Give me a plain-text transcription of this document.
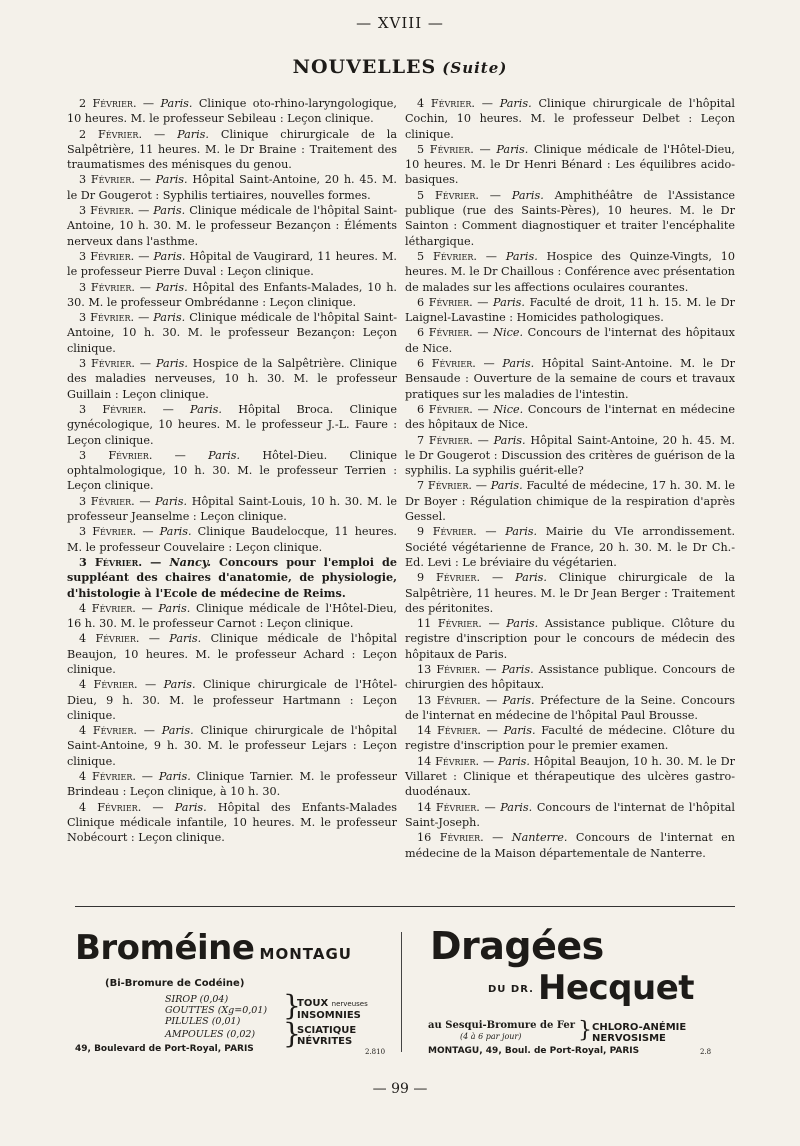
— XVIII —
NOUVELLES (Suite)

2 Février. — Paris. Clinique oto-rhino-laryngologique, 10 heures. M. le professeur Sebileau : Leçon clinique.

2 Février. — Paris. Clinique chirurgicale de la Salpêtrière, 11 heures. M. le Dr Braine : Traitement des traumatismes des ménisques du genou.

3 Février. — Paris. Hôpital Saint-Antoine, 20 h. 45. M. le Dr Gougerot : Syphilis tertiaires, nouvelles formes.

3 Février. — Paris. Clinique médicale de l'hôpital Saint-Antoine, 10 h. 30. M. le professeur Bezançon : Éléments nerveux dans l'asthme.

3 Février. — Paris. Hôpital de Vaugirard, 11 heures. M. le professeur Pierre Duval : Leçon clinique.

3 Février. — Paris. Hôpital des Enfants-Malades, 10 h. 30. M. le professeur Ombrédanne : Leçon clinique.

3 Février. — Paris. Clinique médicale de l'hôpital Saint-Antoine, 10 h. 30. M. le professeur Bezançon: Leçon clinique.

3 Février. — Paris. Hospice de la Salpêtrière. Clinique des maladies nerveuses, 10 h. 30. M. le professeur Guillain : Leçon clinique.

3 Février. — Paris. Hôpital Broca. Clinique gynécologique, 10 heures. M. le professeur J.-L. Faure : Leçon clinique.

3 Février. — Paris. Hôtel-Dieu. Clinique ophtalmologique, 10 h. 30. M. le professeur Terrien : Leçon clinique.

3 Février. — Paris. Hôpital Saint-Louis, 10 h. 30. M. le professeur Jeanselme : Leçon clinique.

3 Février. — Paris. Clinique Baudelocque, 11 heures. M. le professeur Couvelaire : Leçon clinique.

3 Février. — Nancy. Concours pour l'emploi de suppléant des chaires d'anatomie, de physiologie, d'histologie à l'Ecole de médecine de Reims.

4 Février. — Paris. Clinique médicale de l'Hôtel-Dieu, 16 h. 30. M. le professeur Carnot : Leçon clinique.

4 Février. — Paris. Clinique médicale de l'hôpital Beaujon, 10 heures. M. le professeur Achard : Leçon clinique.

4 Février. — Paris. Clinique chirurgicale de l'Hôtel-Dieu, 9 h. 30. M. le professeur Hartmann : Leçon clinique.

4 Février. — Paris. Clinique chirurgicale de l'hôpital Saint-Antoine, 9 h. 30. M. le professeur Lejars : Leçon clinique.

4 Février. — Paris. Clinique Tarnier. M. le professeur Brindeau : Leçon clinique, à 10 h. 30.

4 Février. — Paris. Hôpital des Enfants-Malades Clinique médicale infantile, 10 heures. M. le professeur Nobécourt : Leçon clinique.

4 Février. — Paris. Clinique chirurgicale de l'hôpital Cochin, 10 heures. M. le professeur Delbet : Leçon clinique.

5 Février. — Paris. Clinique médicale de l'Hôtel-Dieu, 10 heures. M. le Dr Henri Bénard : Les équilibres acido-basiques.

5 Février. — Paris. Amphithéâtre de l'Assistance publique (rue des Saints-Pères), 10 heures. M. le Dr Sainton : Comment diagnostiquer et traiter l'encéphalite léthargique.

5 Février. — Paris. Hospice des Quinze-Vingts, 10 heures. M. le Dr Chaillous : Conférence avec présentation de malades sur les affections oculaires courantes.

6 Février. — Paris. Faculté de droit, 11 h. 15. M. le Dr Laignel-Lavastine : Homicides pathologiques.

6 Février. — Nice. Concours de l'internat des hôpitaux de Nice.

6 Février. — Paris. Hôpital Saint-Antoine. M. le Dr Bensaude : Ouverture de la semaine de cours et travaux pratiques sur les maladies de l'intestin.

6 Février. — Nice. Concours de l'internat en médecine des hôpitaux de Nice.

7 Février. — Paris. Hôpital Saint-Antoine, 20 h. 45. M. le Dr Gougerot : Discussion des critères de guérison de la syphilis. La syphilis guérit-elle?

7 Février. — Paris. Faculté de médecine, 17 h. 30. M. le Dr Boyer : Régulation chimique de la respiration d'après Gessel.

9 Février. — Paris. Mairie du VIe arrondissement. Société végétarienne de France, 20 h. 30. M. le Dr Ch.-Ed. Levi : Le bréviaire du végétarien.

9 Février. — Paris. Clinique chirurgicale de la Salpêtrière, 11 heures. M. le Dr Jean Berger : Traitement des péritonites.

11 Février. — Paris. Assistance publique. Clôture du registre d'inscription pour le concours de médecin des hôpitaux de Paris.

13 Février. — Paris. Assistance publique. Concours de chirurgien des hôpitaux.

13 Février. — Paris. Préfecture de la Seine. Concours de l'internat en médecine de l'hôpital Paul Brousse.

14 Février. — Paris. Faculté de médecine. Clôture du registre d'inscription pour le premier examen.

14 Février. — Paris. Hôpital Beaujon, 10 h. 30. M. le Dr Villaret : Clinique et thérapeutique des ulcères gastro-duodénaux.

14 Février. — Paris. Concours de l'internat de l'hôpital Saint-Joseph.

16 Février. — Nanterre. Concours de l'internat en médecine de la Maison départementale de Nanterre.

Broméine MONTAGU
(Bi-Bromure de Codéine)
SIROP (0,04)
GOUTTES (Xg=0,01)
PILULES (0,01)
AMPOULES (0,02)
}
TOUX nerveuses
INSOMNIES
}
SCIATIQUE
NÉVRITES
49, Boulevard de Port-Royal, PARIS	2.810
Dragées
DU DR. Hecquet
au Sesqui-Bromure de Fer
(4 à 6 par jour)	} CHLORO-ANÉMIE
NERVOSISME
MONTAGU, 49, Boul. de Port-Royal, PARIS	2.8
— 99 —
